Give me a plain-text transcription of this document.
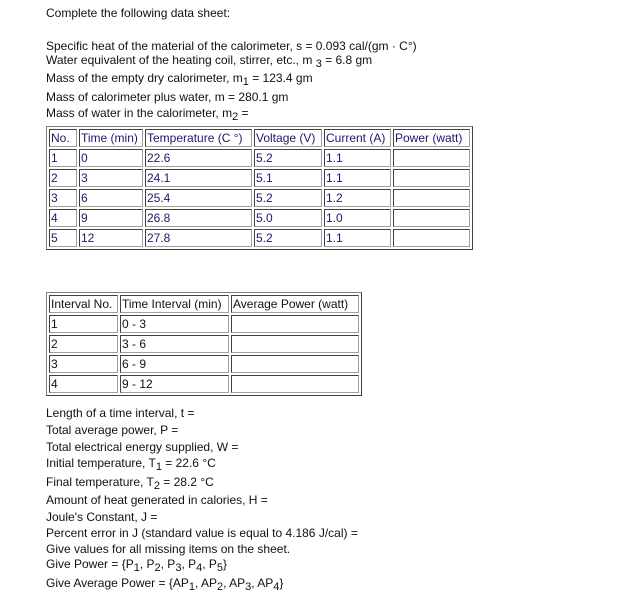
Complete the following data sheet:
Specific heat of the material of the calorimeter, s = 0.093 cal/(gm · C°)
Water equivalent of the heating coil, stirrer, etc., m $_3$ = 6.8 gm
Mass of the empty dry calorimeter, $m_1 = 123.4$ gm
Mass of calorimeter plus water, m = 280.1 gm
Mass of water in the calorimeter, $m_2$ =
No.	Time (min)	Temperature (C °)	Voltage (V)	Current (A)	Power (watt)
1	0	22.6	5.2	1.1	
2	3	24.1	5.1	1.1	
3	6	25.4	5.2	1.2	
4	9	26.8	5.0	1.0	
5	12	27.8	5.2	1.1	
Interval No.	Time Interval (min)	Average Power (watt)
1	0 - 3	
2	3 - 6	
3	6 - 9	
4	9 - 12	
Length of a time interval, t =
Total average power, P =
Total electrical energy supplied, W =
Initial temperature, $T_1 = 22.6$ °C
Final temperature, $T_2 = 28.2$ °C
Amount of heat generated in calories, H =
Joule's Constant, J =
Percent error in J (standard value is equal to 4.186 J/cal) =
Give values for all missing items on the sheet.
Give Power = {$P_1$, $P_2$, $P_3$, $P_4$, $P_5$}
Give Average Power = {$AP_1$, $AP_2$, $AP_3$, $AP_4$}
